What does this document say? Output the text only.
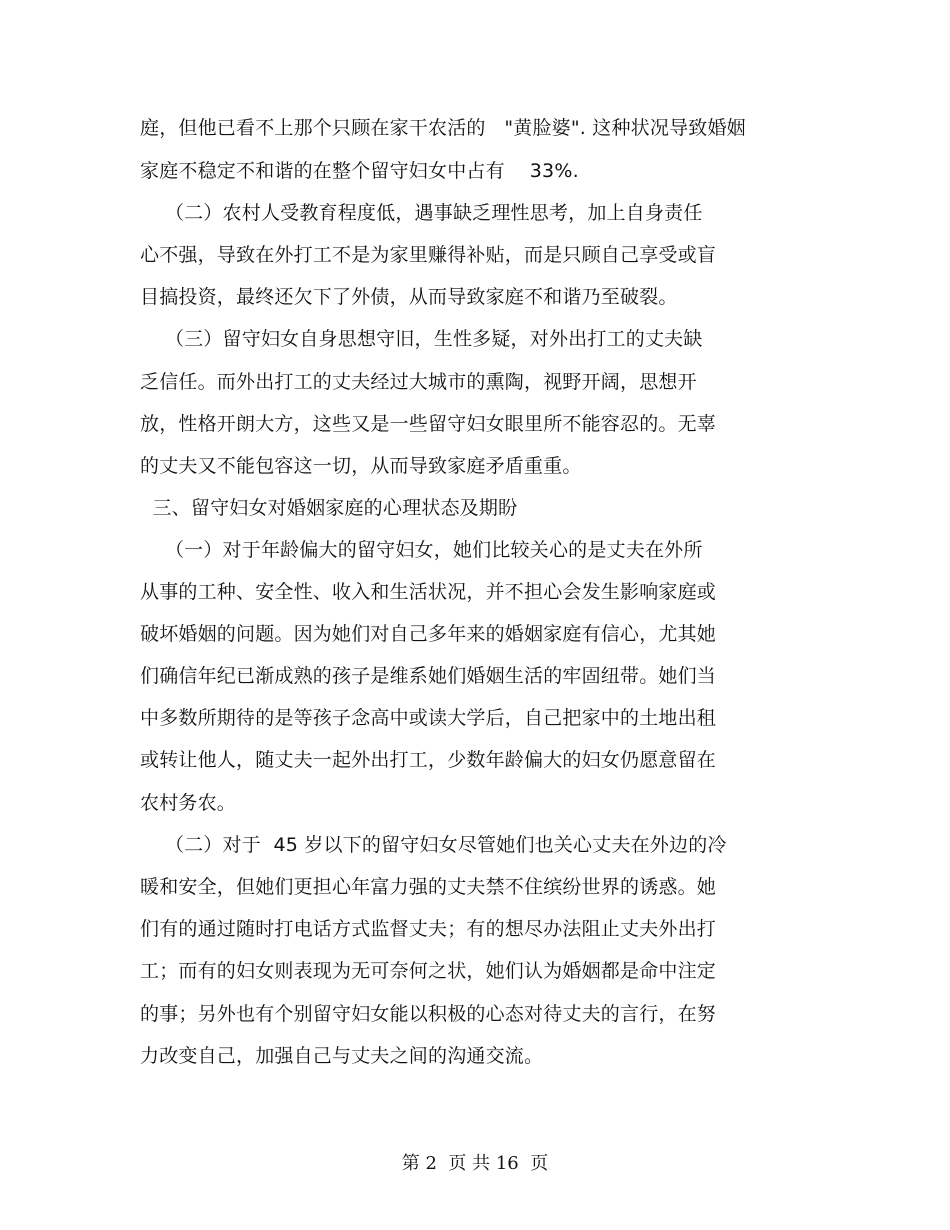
庭，但他已看不上那个只顾在家干农活的   "黄脸婆". 这种状况导致婚姻
家庭不稳定不和谐的在整个留守妇女中占有    33%.
（二）农村人受教育程度低，遇事缺乏理性思考，加上自身责任
心不强，导致在外打工不是为家里赚得补贴，而是只顾自己享受或盲
目搞投资，最终还欠下了外债，从而导致家庭不和谐乃至破裂。
（三）留守妇女自身思想守旧，生性多疑，对外出打工的丈夫缺
乏信任。而外出打工的丈夫经过大城市的熏陶，视野开阔，思想开
放，性格开朗大方，这些又是一些留守妇女眼里所不能容忍的。无辜
的丈夫又不能包容这一切，从而导致家庭矛盾重重。
三、留守妇女对婚姻家庭的心理状态及期盼
（一）对于年龄偏大的留守妇女，她们比较关心的是丈夫在外所
从事的工种、安全性、收入和生活状况，并不担心会发生影响家庭或
破坏婚姻的问题。因为她们对自己多年来的婚姻家庭有信心，尤其她
们确信年纪已渐成熟的孩子是维系她们婚姻生活的牢固纽带。她们当
中多数所期待的是等孩子念高中或读大学后，自己把家中的土地出租
或转让他人，随丈夫一起外出打工，少数年龄偏大的妇女仍愿意留在
农村务农。
（二）对于  45 岁以下的留守妇女尽管她们也关心丈夫在外边的冷
暖和安全，但她们更担心年富力强的丈夫禁不住缤纷世界的诱惑。她
们有的通过随时打电话方式监督丈夫；有的想尽办法阻止丈夫外出打
工；而有的妇女则表现为无可奈何之状，她们认为婚姻都是命中注定
的事；另外也有个别留守妇女能以积极的心态对待丈夫的言行，在努
力改变自己，加强自己与丈夫之间的沟通交流。
第 2  页 共 16  页
